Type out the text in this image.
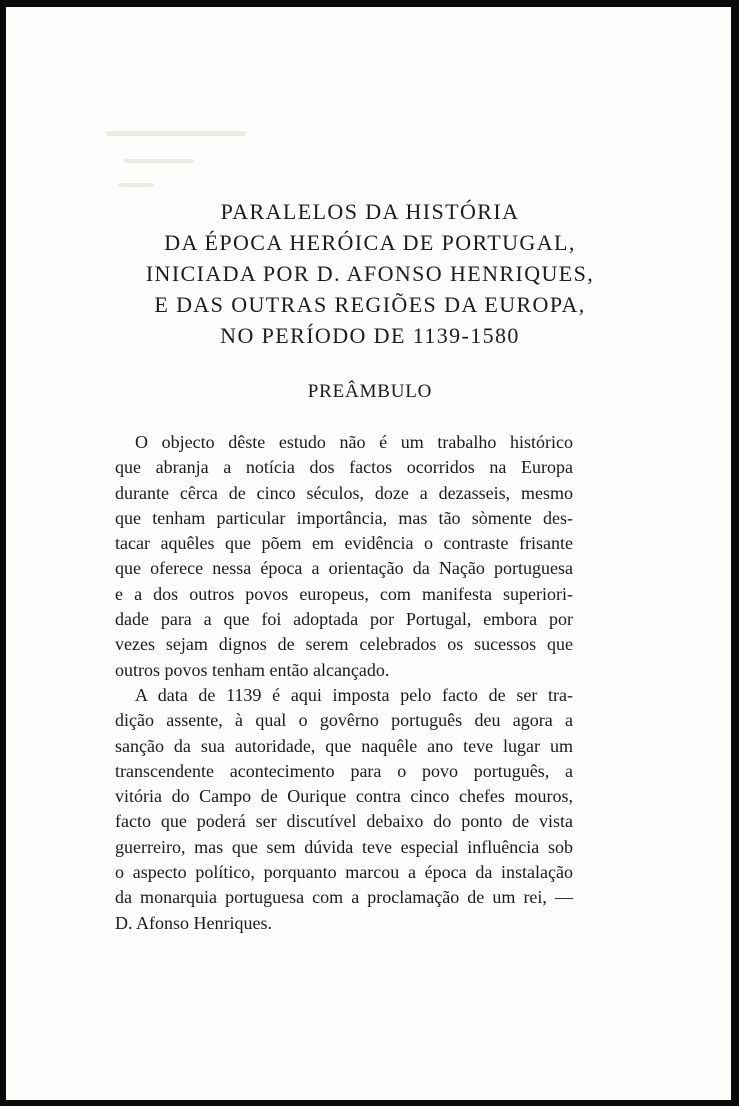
PARALELOS DA HISTÓRIA
DA ÉPOCA HERÓICA DE PORTUGAL,
INICIADA POR D. AFONSO HENRIQUES,
E DAS OUTRAS REGIÕES DA EUROPA,
NO PERÍODO DE 1139-1580
PREÂMBULO

O objecto dêste estudo não é um trabalho histórico
que abranja a notícia dos factos ocorridos na Europa
durante cêrca de cinco séculos, doze a dezasseis, mesmo
que tenham particular importância, mas tão sòmente des-
tacar aquêles que põem em evidência o contraste frisante
que oferece nessa época a orientação da Nação portuguesa
e a dos outros povos europeus, com manifesta superiori-
dade para a que foi adoptada por Portugal, embora por
vezes sejam dignos de serem celebrados os sucessos que
outros povos tenham então alcançado.

A data de 1139 é aqui imposta pelo facto de ser tra-
dição assente, à qual o govêrno português deu agora a
sanção da sua autoridade, que naquêle ano teve lugar um
transcendente acontecimento para o povo português, a
vitória do Campo de Ourique contra cinco chefes mouros,
facto que poderá ser discutível debaixo do ponto de vista
guerreiro, mas que sem dúvida teve especial influência sob
o aspecto político, porquanto marcou a época da instalação
da monarquia portuguesa com a proclamação de um rei, —
D. Afonso Henriques.
